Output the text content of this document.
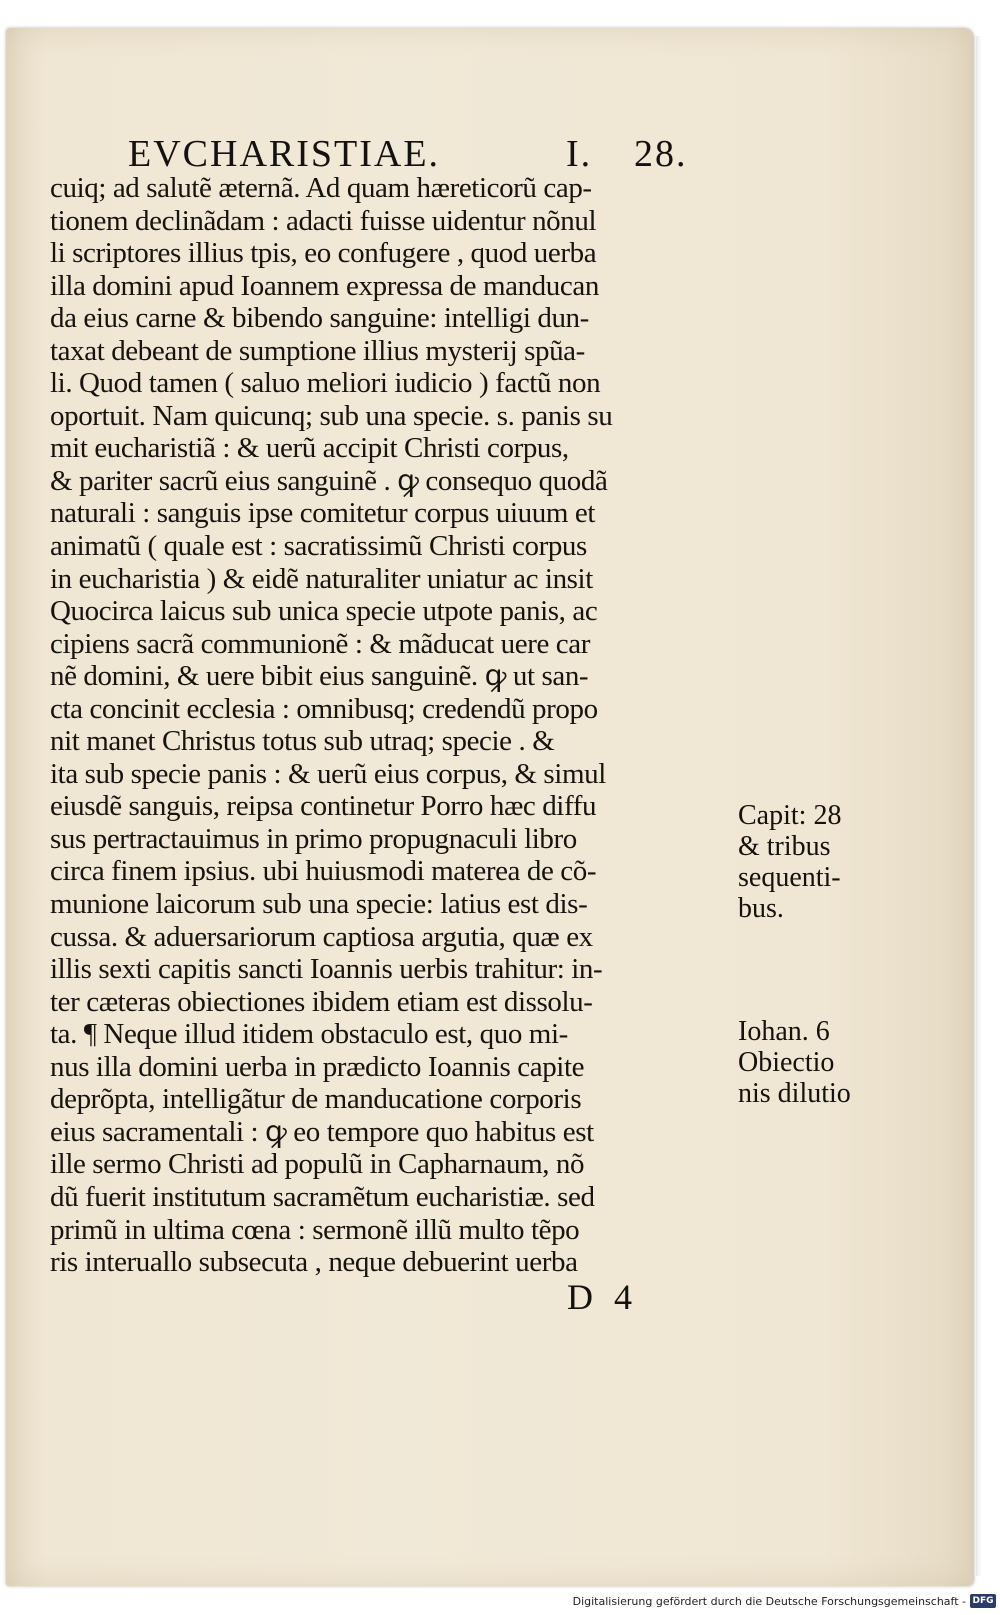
EVCHARISTIAE.	I. 28.
cuiq; ad salutẽ æternã. Ad quam hæreticorũ cap-
tionem declinãdam : adacti fuisse uidentur nõnul
li scriptores illius tpis, eo confugere , quod uerba
illa domini apud Ioannem expressa de manducan
da eius carne & bibendo sanguine: intelligi dun-
taxat debeant de sumptione illius mysterij spũa-
li. Quod tamen ( saluo meliori iudicio ) factũ non
oportuit. Nam quicunq; sub una specie. s. panis su
mit eucharistiã : & uerũ accipit Christi corpus,
& pariter sacrũ eius sanguinẽ . ꝙ consequo quodã
naturali : sanguis ipse comitetur corpus uiuum et
animatũ ( quale est : sacratissimũ Christi corpus
in eucharistia ) & eidẽ naturaliter uniatur ac insit
Quocirca laicus sub unica specie utpote panis, ac
cipiens sacrã communionẽ : & mãducat uere car
nẽ domini, & uere bibit eius sanguinẽ. ꝙ ut san-
cta concinit ecclesia : omnibusq; credendũ propo
nit manet Christus totus sub utraq; specie . &
ita sub specie panis : & uerũ eius corpus, & simul
eiusdẽ sanguis, reipsa continetur Porro hæc diffu
sus pertractauimus in primo propugnaculi libro
circa finem ipsius. ubi huiusmodi materea de cõ-
munione laicorum sub una specie: latius est dis-
cussa. & aduersariorum captiosa argutia, quæ ex
illis sexti capitis sancti Ioannis uerbis trahitur: in-
ter cæteras obiectiones ibidem etiam est dissolu-
ta. ¶ Neque illud itidem obstaculo est, quo mi-
nus illa domini uerba in prædicto Ioannis capite
deprõpta, intelligãtur de manducatione corporis
eius sacramentali : ꝙ eo tempore quo habitus est
ille sermo Christi ad populũ in Capharnaum, nõ
dũ fuerit institutum sacramẽtum eucharistiæ. sed
primũ in ultima cœna : sermonẽ illũ multo tẽpo
ris interuallo subsecuta , neque debuerint uerba
Capit: 28
& tribus
sequenti-
bus.
Iohan. 6
Obiectio
nis dilutio
D 4
Digitalisierung gefördert durch die Deutsche Forschungsgemeinschaft - DFG
